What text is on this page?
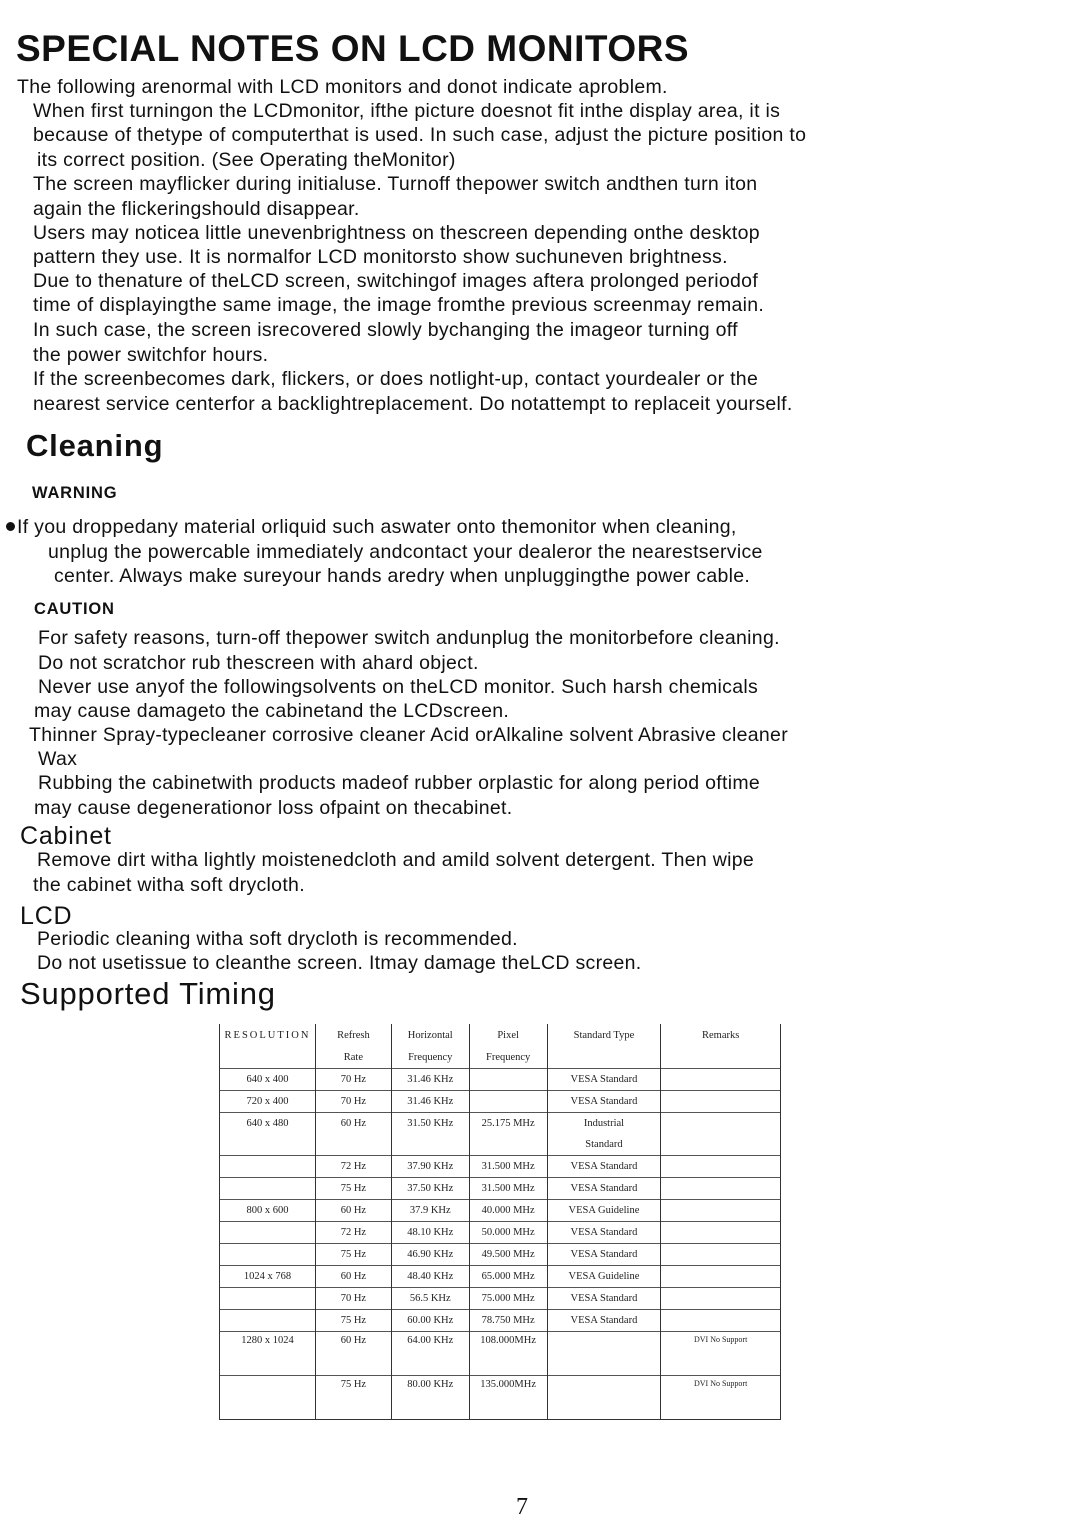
SPECIAL NOTES ON LCD MONITORS

The following arenormal with LCD monitors and donot indicate aproblem.

When first turningon the LCDmonitor, ifthe picture doesnot fit inthe display area, it is

because of thetype of computerthat is used. In such case, adjust the picture position to

its correct position. (See Operating theMonitor)

The screen mayflicker during initialuse. Turnoff thepower switch andthen turn iton

again the flickeringshould disappear.

Users may noticea little unevenbrightness on thescreen depending onthe desktop

pattern they use. It is normalfor LCD monitorsto show suchuneven brightness.

Due to thenature of theLCD screen, switchingof images aftera prolonged periodof

time of displayingthe same image, the image fromthe previous screenmay remain.

In such case, the screen isrecovered slowly bychanging the imageor turning off

the power switchfor hours.

If the screenbecomes dark, flickers, or does notlight-up, contact yourdealer or the

nearest service centerfor a backlightreplacement. Do notattempt to replaceit yourself.

Cleaning

WARNING

If you droppedany material orliquid such aswater onto themonitor when cleaning,

unplug the powercable immediately andcontact your dealeror the nearestservice

center. Always make sureyour hands aredry when unpluggingthe power cable.

CAUTION

For safety reasons, turn-off thepower switch andunplug the monitorbefore cleaning.

Do not scratchor rub thescreen with ahard object.

Never use anyof the followingsolvents on theLCD monitor. Such harsh chemicals

may cause damageto the cabinetand the LCDscreen.

Thinner Spray-typecleaner corrosive cleaner Acid orAlkaline solvent Abrasive cleaner

Wax

Rubbing the cabinetwith products madeof rubber orplastic for along period oftime

may cause degenerationor loss ofpaint on thecabinet.

Cabinet

Remove dirt witha lightly moistenedcloth and amild solvent detergent. Then wipe

the cabinet witha soft drycloth.

LCD

Periodic cleaning witha soft drycloth is recommended.

Do not usetissue to cleanthe screen. Itmay damage theLCD screen.

Supported Timing
RESOLUTION	Refresh	Horizontal	Pixel	Standard Type	Remarks
	Rate	Frequency	Frequency		
640 x 400	70 Hz	31.46 KHz		VESA Standard	
720 x 400	70 Hz	31.46 KHz		VESA Standard	
640 x 480	60 Hz	31.50 KHz	25.175 MHz	Industrial	
				Standard	
	72 Hz	37.90 KHz	31.500 MHz	VESA Standard	
	75 Hz	37.50 KHz	31.500 MHz	VESA Standard	
800 x 600	60 Hz	37.9 KHz	40.000 MHz	VESA Guideline	
	72 Hz	48.10 KHz	50.000 MHz	VESA Standard	
	75 Hz	46.90 KHz	49.500 MHz	VESA Standard	
1024 x 768	60 Hz	48.40 KHz	65.000 MHz	VESA Guideline	
	70 Hz	56.5 KHz	75.000 MHz	VESA Standard	
	75 Hz	60.00 KHz	78.750 MHz	VESA Standard	
1280 x 1024	60 Hz	64.00 KHz	108.000MHz		DVI No Support
	75 Hz	80.00 KHz	135.000MHz		DVI No Support
7
